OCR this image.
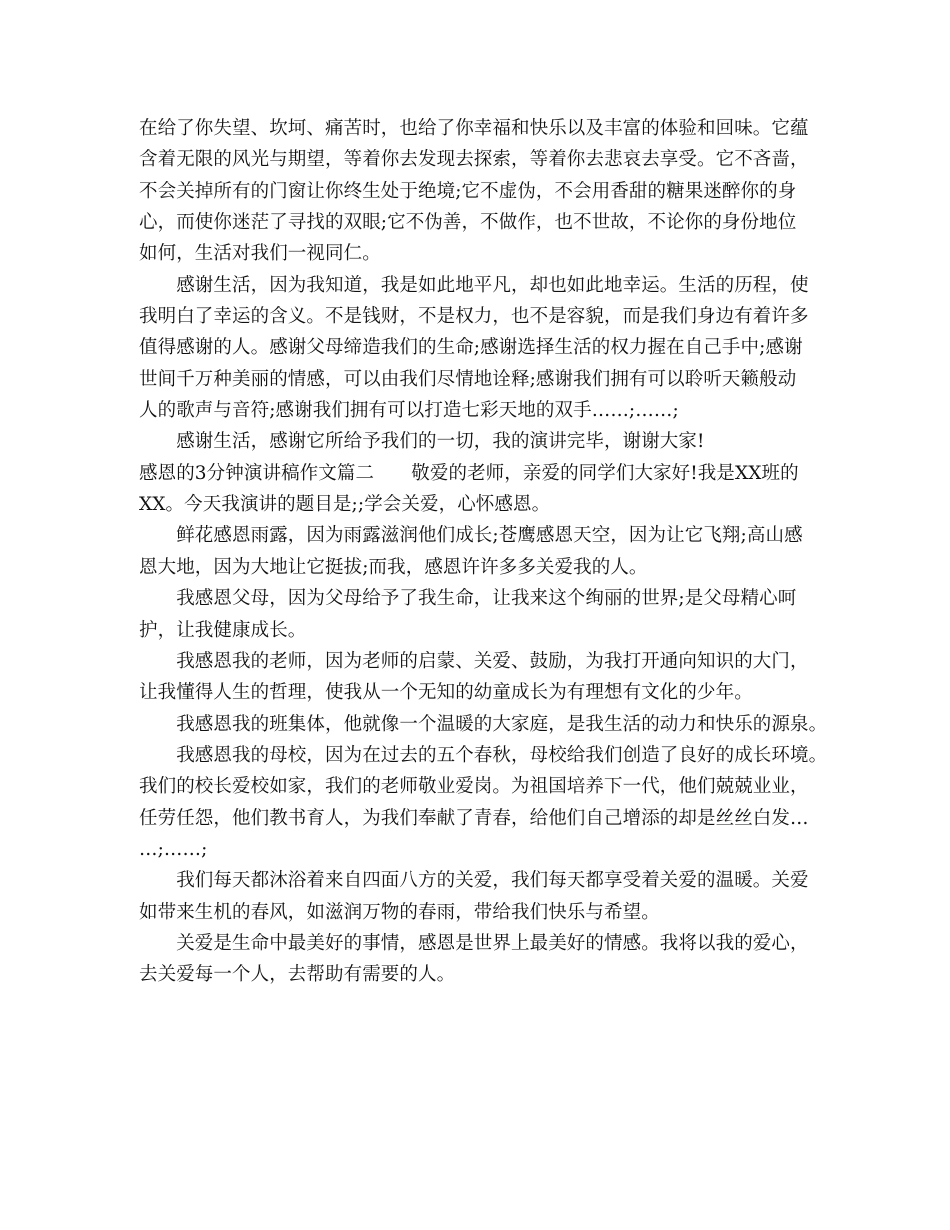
在给了你失望、坎坷、痛苦时，也给了你幸福和快乐以及丰富的体验和回味。它蕴
含着无限的风光与期望，等着你去发现去探索，等着你去悲哀去享受。它不吝啬，
不会关掉所有的门窗让你终生处于绝境;它不虚伪，不会用香甜的糖果迷醉你的身
心，而使你迷茫了寻找的双眼;它不伪善，不做作，也不世故，不论你的身份地位
如何，生活对我们一视同仁。
　　感谢生活，因为我知道，我是如此地平凡，却也如此地幸运。生活的历程，使
我明白了幸运的含义。不是钱财，不是权力，也不是容貌，而是我们身边有着许多
值得感谢的人。感谢父母缔造我们的生命;感谢选择生活的权力握在自己手中;感谢
世间千万种美丽的情感，可以由我们尽情地诠释;感谢我们拥有可以聆听天籁般动
人的歌声与音符;感谢我们拥有可以打造七彩天地的双手……;……;
　　感谢生活，感谢它所给予我们的一切，我的演讲完毕，谢谢大家!
感恩的3分钟演讲稿作文篇二　　敬爱的老师，亲爱的同学们大家好!我是XX班的
XX。今天我演讲的题目是;;学会关爱，心怀感恩。
　　鲜花感恩雨露，因为雨露滋润他们成长;苍鹰感恩天空，因为让它飞翔;高山感
恩大地，因为大地让它挺拔;而我，感恩许许多多关爱我的人。
　　我感恩父母，因为父母给予了我生命，让我来这个绚丽的世界;是父母精心呵
护，让我健康成长。
　　我感恩我的老师，因为老师的启蒙、关爱、鼓励，为我打开通向知识的大门，
让我懂得人生的哲理，使我从一个无知的幼童成长为有理想有文化的少年。
　　我感恩我的班集体，他就像一个温暖的大家庭，是我生活的动力和快乐的源泉。
　　我感恩我的母校，因为在过去的五个春秋，母校给我们创造了良好的成长环境。
我们的校长爱校如家，我们的老师敬业爱岗。为祖国培养下一代，他们兢兢业业，
任劳任怨，他们教书育人，为我们奉献了青春，给他们自己增添的却是丝丝白发…
…;……;
　　我们每天都沐浴着来自四面八方的关爱，我们每天都享受着关爱的温暖。关爱
如带来生机的春风，如滋润万物的春雨，带给我们快乐与希望。
　　关爱是生命中最美好的事情，感恩是世界上最美好的情感。我将以我的爱心，
去关爱每一个人，去帮助有需要的人。
